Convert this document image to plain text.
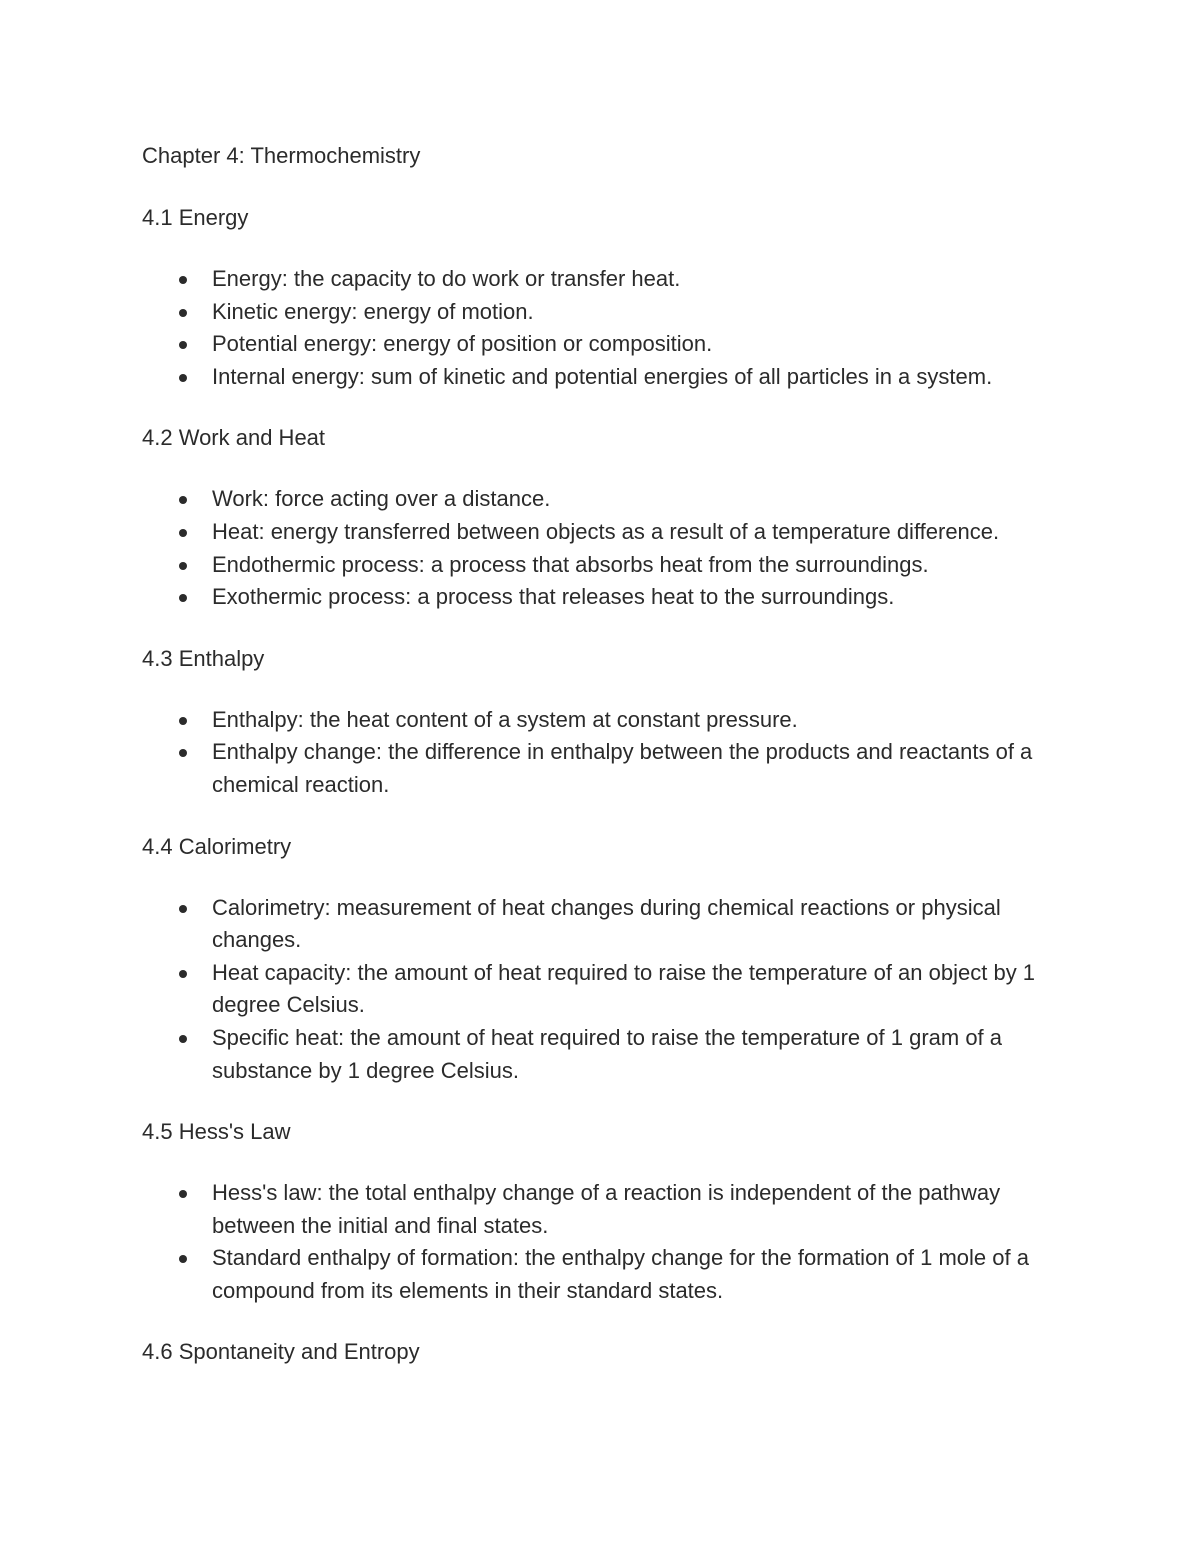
Chapter 4: Thermochemistry
4.1 Energy
Energy: the capacity to do work or transfer heat.
Kinetic energy: energy of motion.
Potential energy: energy of position or composition.
Internal energy: sum of kinetic and potential energies of all particles in a system.
4.2 Work and Heat
Work: force acting over a distance.
Heat: energy transferred between objects as a result of a temperature difference.
Endothermic process: a process that absorbs heat from the surroundings.
Exothermic process: a process that releases heat to the surroundings.
4.3 Enthalpy
Enthalpy: the heat content of a system at constant pressure.
Enthalpy change: the difference in enthalpy between the products and reactants of a chemical reaction.
4.4 Calorimetry
Calorimetry: measurement of heat changes during chemical reactions or physical changes.
Heat capacity: the amount of heat required to raise the temperature of an object by 1 degree Celsius.
Specific heat: the amount of heat required to raise the temperature of 1 gram of a substance by 1 degree Celsius.
4.5 Hess's Law
Hess's law: the total enthalpy change of a reaction is independent of the pathway between the initial and final states.
Standard enthalpy of formation: the enthalpy change for the formation of 1 mole of a compound from its elements in their standard states.
4.6 Spontaneity and Entropy
